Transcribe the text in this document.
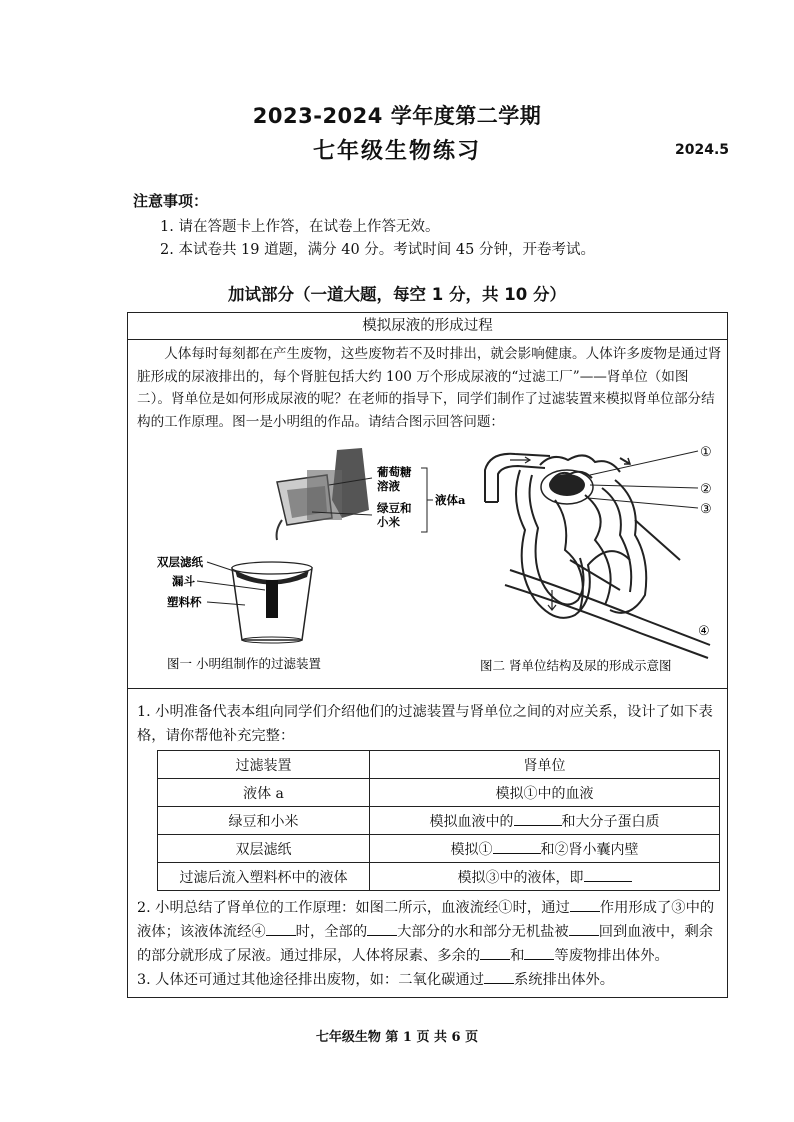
2023-2024 学年度第二学期
七年级生物练习	2024.5
注意事项：
1. 请在答题卡上作答，在试卷上作答无效。
2. 本试卷共 19 道题，满分 40 分。考试时间 45 分钟，开卷考试。
加试部分（一道大题，每空 1 分，共 10 分）
模拟尿液的形成过程
人体每时每刻都在产生废物，这些废物若不及时排出，就会影响健康。人体许多废物是通过肾脏形成的尿液排出的，每个肾脏包括大约 100 万个形成尿液的“过滤工厂”——肾单位（如图二）。肾单位是如何形成尿液的呢？在老师的指导下，同学们制作了过滤装置来模拟肾单位部分结构的工作原理。图一是小明组的作品。请结合图示回答问题：
葡萄糖
溶液
绿豆和
小米
液体a
双层滤纸
漏斗
塑料杯
图一 小明组制作的过滤装置
①
②
③
④
图二 肾单位结构及尿的形成示意图
1. 小明准备代表本组向同学们介绍他们的过滤装置与肾单位之间的对应关系，设计了如下表格，请你帮他补充完整：
过滤装置	肾单位
液体 a	模拟①中的血液
绿豆和小米	模拟血液中的 和大分子蛋白质
双层滤纸	模拟① 和②肾小囊内壁
过滤后流入塑料杯中的液体	模拟③中的液体，即
2. 小明总结了肾单位的工作原理：如图二所示，血液流经①时，通过 作用形成了③中的液体；该液体流经④ 时，全部的 大部分的水和部分无机盐被 回到血液中，剩余的部分就形成了尿液。通过排尿，人体将尿素、多余的 和 等废物排出体外。
3. 人体还可通过其他途径排出废物，如：二氧化碳通过 系统排出体外。
七年级生物 第 1 页 共 6 页
